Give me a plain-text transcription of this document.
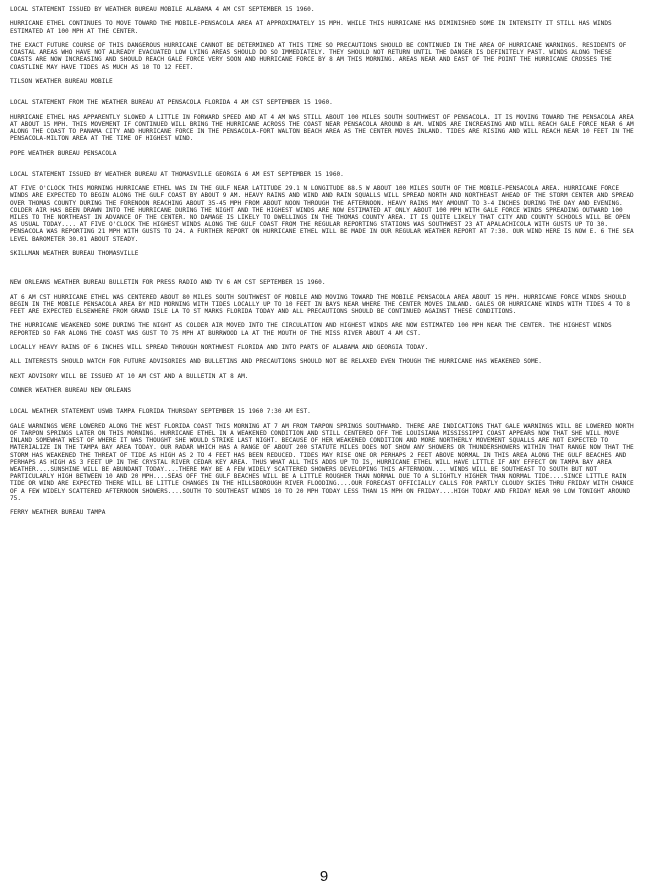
LOCAL STATEMENT ISSUED BY WEATHER BUREAU MOBILE ALABAMA 4 AM CST SEPTEMBER 15 1960.

HURRICANE ETHEL CONTINUES TO MOVE TOWARD THE MOBILE-PENSACOLA AREA AT APPROXIMATELY 15 MPH. WHILE THIS HURRICANE HAS DIMINISHED SOME IN INTENSITY IT STILL HAS WINDS ESTIMATED AT 100 MPH AT THE CENTER.

THE EXACT FUTURE COURSE OF THIS DANGEROUS HURRICANE CANNOT BE DETERMINED AT THIS TIME SO PRECAUTIONS SHOULD BE CONTINUED IN THE AREA OF HURRICANE WARNINGS. RESIDENTS OF COASTAL AREAS WHO HAVE NOT ALREADY EVACUATED LOW LYING AREAS SHOULD DO SO IMMEDIATELY. THEY SHOULD NOT RETURN UNTIL THE DANGER IS DEFINITELY PAST. WINDS ALONG THESE COASTS ARE NOW INCREASING AND SHOULD REACH GALE FORCE VERY SOON AND HURRICANE FORCE BY 8 AM THIS MORNING. AREAS NEAR AND EAST OF THE POINT THE HURRICANE CROSSES THE COASTLINE MAY HAVE TIDES AS MUCH AS 10 TO 12 FEET.

TILSON WEATHER BUREAU MOBILE

LOCAL STATEMENT FROM THE WEATHER BUREAU AT PENSACOLA FLORIDA 4 AM CST SEPTEMBER 15 1960.

HURRICANE ETHEL HAS APPARENTLY SLOWED A LITTLE IN FORWARD SPEED AND AT 4 AM WAS STILL ABOUT 100 MILES SOUTH SOUTHWEST OF PENSACOLA. IT IS MOVING TOWARD THE PENSACOLA AREA AT ABOUT 15 MPH. THIS MOVEMENT IF CONTINUED WILL BRING THE HURRICANE ACROSS THE COAST NEAR PENSACOLA AROUND 8 AM. WINDS ARE INCREASING AND WILL REACH GALE FORCE NEAR 6 AM ALONG THE COAST TO PANAMA CITY AND HURRICANE FORCE IN THE PENSACOLA-FORT WALTON BEACH AREA AS THE CENTER MOVES INLAND. TIDES ARE RISING AND WILL REACH NEAR 10 FEET IN THE PENSACOLA-MILTON AREA AT THE TIME OF HIGHEST WIND.

POPE WEATHER BUREAU PENSACOLA

LOCAL STATEMENT ISSUED BY WEATHER BUREAU AT THOMASVILLE GEORGIA 6 AM EST SEPTEMBER 15 1960.

AT FIVE O'CLOCK THIS MORNING HURRICANE ETHEL WAS IN THE GULF NEAR LATITUDE 29.1 N LONGITUDE 88.5 W ABOUT 100 MILES SOUTH OF THE MOBILE-PENSACOLA AREA. HURRICANE FORCE WINDS ARE EXPECTED TO BEGIN ALONG THE GULF COAST BY ABOUT 9 AM. HEAVY RAINS AND WIND AND RAIN SQUALLS WILL SPREAD NORTH AND NORTHEAST AHEAD OF THE STORM CENTER AND SPREAD OVER THOMAS COUNTY DURING THE FORENOON REACHING ABOUT 35-45 MPH FROM ABOUT NOON THROUGH THE AFTERNOON. HEAVY RAINS MAY AMOUNT TO 3-4 INCHES DURING THE DAY AND EVENING. COLDER AIR HAS BEEN DRAWN INTO THE HURRICANE DURING THE NIGHT AND THE HIGHEST WINDS ARE NOW ESTIMATED AT ONLY ABOUT 100 MPH WITH GALE FORCE WINDS SPREADING OUTWARD 100 MILES TO THE NORTHEAST IN ADVANCE OF THE CENTER. NO DAMAGE IS LIKELY TO DWELLINGS IN THE THOMAS COUNTY AREA. IT IS QUITE LIKELY THAT CITY AND COUNTY SCHOOLS WILL BE OPEN AS USUAL TODAY.... AT FIVE O'CLOCK THE HIGHEST WINDS ALONG THE GULF COAST FROM THE REGULAR REPORTING STATIONS WAS SOUTHWEST 23 AT APALACHICOLA WITH GUSTS UP TO 30. PENSACOLA WAS REPORTING 21 MPH WITH GUSTS TO 24. A FURTHER REPORT ON HURRICANE ETHEL WILL BE MADE IN OUR REGULAR WEATHER REPORT AT 7:30. OUR WIND HERE IS NOW E. 6 THE SEA LEVEL BAROMETER 30.01 ABOUT STEADY.

SKILLMAN WEATHER BUREAU THOMASVILLE

NEW ORLEANS WEATHER BUREAU BULLETIN FOR PRESS RADIO AND TV 6 AM CST SEPTEMBER 15 1960.

AT 6 AM CST HURRICANE ETHEL WAS CENTERED ABOUT 80 MILES SOUTH SOUTHWEST OF MOBILE AND MOVING TOWARD THE MOBILE PENSACOLA AREA ABOUT 15 MPH. HURRICANE FORCE WINDS SHOULD BEGIN IN THE MOBILE PENSACOLA AREA BY MID MORNING WITH TIDES LOCALLY UP TO 10 FEET IN BAYS NEAR WHERE THE CENTER MOVES INLAND. GALES OR HURRICANE WINDS WITH TIDES 4 TO 8 FEET ARE EXPECTED ELSEWHERE FROM GRAND ISLE LA TO ST MARKS FLORIDA TODAY AND ALL PRECAUTIONS SHOULD BE CONTINUED AGAINST THESE CONDITIONS.

THE HURRICANE WEAKENED SOME DURING THE NIGHT AS COLDER AIR MOVED INTO THE CIRCULATION AND HIGHEST WINDS ARE NOW ESTIMATED 100 MPH NEAR THE CENTER. THE HIGHEST WINDS REPORTED SO FAR ALONG THE COAST WAS GUST TO 75 MPH AT BURRWOOD LA AT THE MOUTH OF THE MISS RIVER ABOUT 4 AM CST.

LOCALLY HEAVY RAINS OF 6 INCHES WILL SPREAD THROUGH NORTHWEST FLORIDA AND INTO PARTS OF ALABAMA AND GEORGIA TODAY.

ALL INTERESTS SHOULD WATCH FOR FUTURE ADVISORIES AND BULLETINS AND PRECAUTIONS SHOULD NOT BE RELAXED EVEN THOUGH THE HURRICANE HAS WEAKENED SOME.

NEXT ADVISORY WILL BE ISSUED AT 10 AM CST AND A BULLETIN AT 8 AM.

CONNER WEATHER BUREAU NEW ORLEANS

LOCAL WEATHER STATEMENT USWB TAMPA FLORIDA THURSDAY SEPTEMBER 15 1960 7:30 AM EST.

GALE WARNINGS WERE LOWERED ALONG THE WEST FLORIDA COAST THIS MORNING AT 7 AM FROM TARPON SPRINGS SOUTHWARD. THERE ARE INDICATIONS THAT GALE WARNINGS WILL BE LOWERED NORTH OF TARPON SPRINGS LATER ON THIS MORNING. HURRICANE ETHEL IN A WEAKENED CONDITION AND STILL CENTERED OFF THE LOUISIANA MISSISSIPPI COAST APPEARS NOW THAT SHE WILL MOVE INLAND SOMEWHAT WEST OF WHERE IT WAS THOUGHT SHE WOULD STRIKE LAST NIGHT. BECAUSE OF HER WEAKENED CONDITION AND MORE NORTHERLY MOVEMENT SQUALLS ARE NOT EXPECTED TO MATERIALIZE IN THE TAMPA BAY AREA TODAY. OUR RADAR WHICH HAS A RANGE OF ABOUT 200 STATUTE MILES DOES NOT SHOW ANY SHOWERS OR THUNDERSHOWERS WITHIN THAT RANGE NOW THAT THE STORM HAS WEAKENED THE THREAT OF TIDE AS HIGH AS 2 TO 4 FEET HAS BEEN REDUCED. TIDES MAY RISE ONE OR PERHAPS 2 FEET ABOVE NORMAL IN THIS AREA ALONG THE GULF BEACHES AND PERHAPS AS HIGH AS 3 FEET UP IN THE CRYSTAL RIVER CEDAR KEY AREA. THUS WHAT ALL THIS ADDS UP TO IS, HURRICANE ETHEL WILL HAVE LITTLE IF ANY EFFECT ON TAMPA BAY AREA WEATHER....SUNSHINE WILL BE ABUNDANT TODAY....THERE MAY BE A FEW WIDELY SCATTERED SHOWERS DEVELOPING THIS AFTERNOON.... WINDS WILL BE SOUTHEAST TO SOUTH BUT NOT PARTICULARLY HIGH BETWEEN 10 AND 20 MPH....SEAS OFF THE GULF BEACHES WILL BE A LITTLE ROUGHER THAN NORMAL DUE TO A SLIGHTLY HIGHER THAN NORMAL TIDE....SINCE LITTLE RAIN TIDE OR WIND ARE EXPECTED THERE WILL BE LITTLE CHANGES IN THE HILLSBOROUGH RIVER FLOODING....OUR FORECAST OFFICIALLY CALLS FOR PARTLY CLOUDY SKIES THRU FRIDAY WITH CHANCE OF A FEW WIDELY SCATTERED AFTERNOON SHOWERS....SOUTH TO SOUTHEAST WINDS 10 TO 20 MPH TODAY LESS THAN 15 MPH ON FRIDAY....HIGH TODAY AND FRIDAY NEAR 90 LOW TONIGHT AROUND 75.

FERRY WEATHER BUREAU TAMPA

9
